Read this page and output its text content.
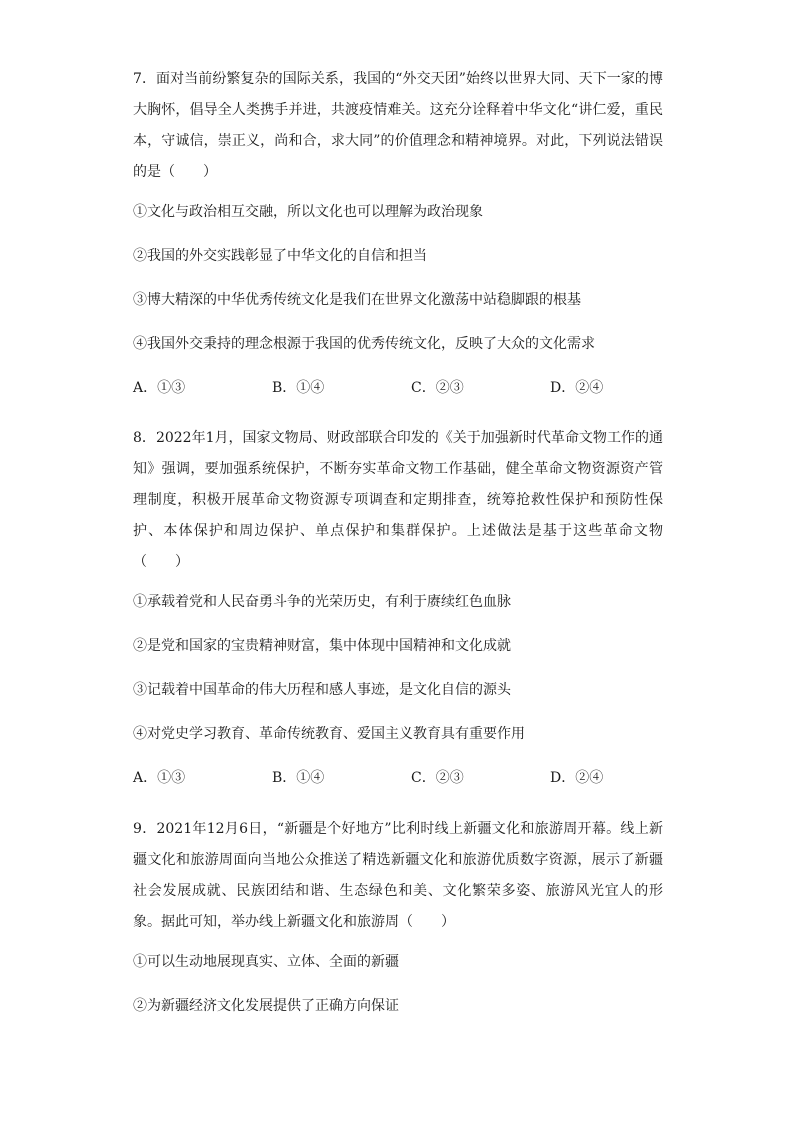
7．面对当前纷繁复杂的国际关系，我国的“外交天团”始终以世界大同、天下一家的博大胸怀，倡导全人类携手并进，共渡疫情难关。这充分诠释着中华文化“讲仁爱，重民本，守诚信，崇正义，尚和合，求大同”的价值理念和精神境界。对此，下列说法错误的是（　　）

①文化与政治相互交融，所以文化也可以理解为政治现象
②我国的外交实践彰显了中华文化的自信和担当
③博大精深的中华优秀传统文化是我们在世界文化激荡中站稳脚跟的根基
④我国外交秉持的理念根源于我国的优秀传统文化，反映了大众的文化需求
A．①③	B．①④	C．②③	D．②④

8．2022年1月，国家文物局、财政部联合印发的《关于加强新时代革命文物工作的通知》强调，要加强系统保护，不断夯实革命文物工作基础，健全革命文物资源资产管理制度，积极开展革命文物资源专项调查和定期排查，统筹抢救性保护和预防性保护、本体保护和周边保护、单点保护和集群保护。上述做法是基于这些革命文物（　　）

①承载着党和人民奋勇斗争的光荣历史，有利于赓续红色血脉
②是党和国家的宝贵精神财富，集中体现中国精神和文化成就
③记载着中国革命的伟大历程和感人事迹，是文化自信的源头
④对党史学习教育、革命传统教育、爱国主义教育具有重要作用
A．①③	B．①④	C．②③	D．②④

9．2021年12月6日，“新疆是个好地方”比利时线上新疆文化和旅游周开幕。线上新疆文化和旅游周面向当地公众推送了精选新疆文化和旅游优质数字资源，展示了新疆社会发展成就、民族团结和谐、生态绿色和美、文化繁荣多姿、旅游风光宜人的形象。据此可知，举办线上新疆文化和旅游周（　　）

①可以生动地展现真实、立体、全面的新疆
②为新疆经济文化发展提供了正确方向保证
